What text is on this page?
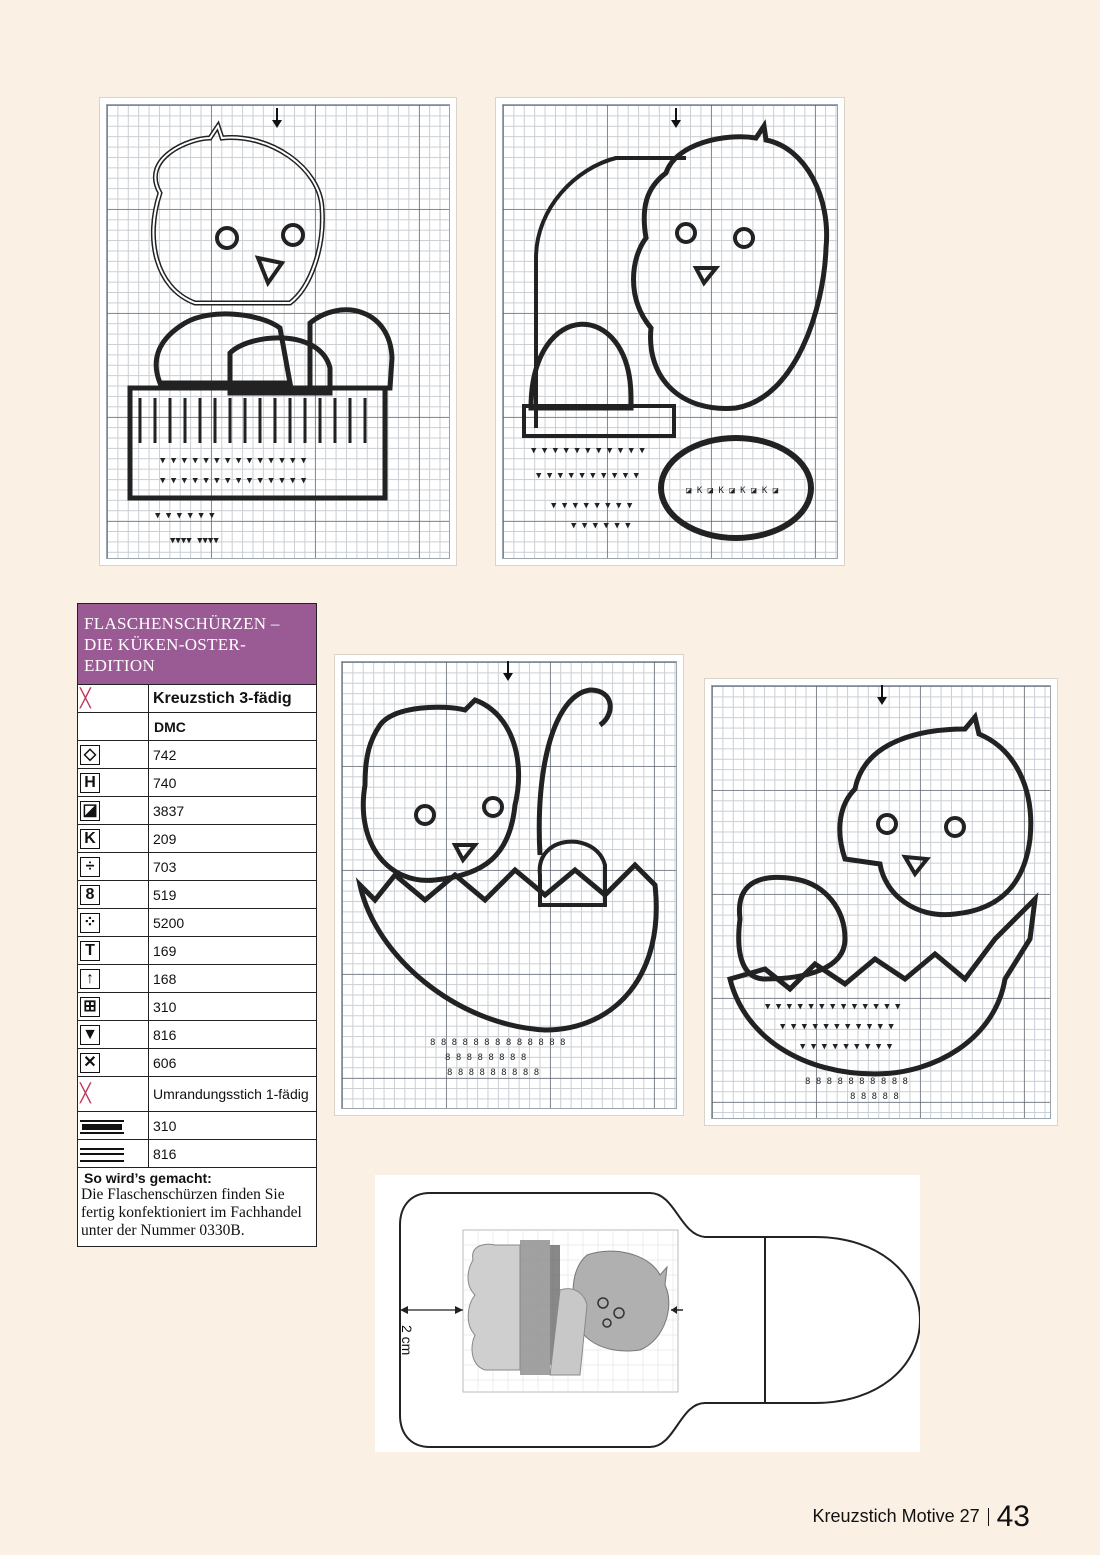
▼ ▼ ▼ ▼ ▼ ▼ ▼ ▼ ▼ ▼ ▼ ▼ ▼ ▼
▼ ▼ ▼ ▼ ▼ ▼ ▼ ▼ ▼ ▼ ▼ ▼ ▼ ▼
▼ ▼ ▼ ▼ ▼ ▼
▼▼▼▼ ▼▼▼▼
▼ ▼ ▼ ▼ ▼ ▼ ▼ ▼ ▼ ▼ ▼
▼ ▼ ▼ ▼ ▼ ▼ ▼ ▼ ▼ ▼
▼ ▼ ▼ ▼ ▼ ▼ ▼ ▼
▼ ▼ ▼ ▼ ▼ ▼
◪ K ◪ K ◪ K ◪ K ◪
8 8 8 8 8 8 8 8 8 8 8 8 8
8 8 8 8 8 8 8 8
8 8 8 8 8 8 8 8 8
▼ ▼ ▼ ▼ ▼ ▼ ▼ ▼ ▼ ▼ ▼ ▼ ▼
▼ ▼ ▼ ▼ ▼ ▼ ▼ ▼ ▼ ▼ ▼
▼ ▼ ▼ ▼ ▼ ▼ ▼ ▼ ▼
8 8 8 8 8 8 8 8 8 8
8 8 8 8 8
FLASCHENSCHÜRZEN – DIE KÜKEN-OSTER-EDITION
╳	Kreuzstich 3-fädig
	DMC
◇	742
H	740
◪	3837
K	209
÷	703
8	519
⁘	5200
T	169
↑	168
⊞	310
▼	816
✕	606
╳	Umrandungsstich 1-fädig
	310

	816
So wird’s gemacht:
Die Flaschenschürzen finden Sie fertig konfektioniert im Fachhandel unter der Nummer 0330B.
2 cm
Kreuzstich Motive 27 43
